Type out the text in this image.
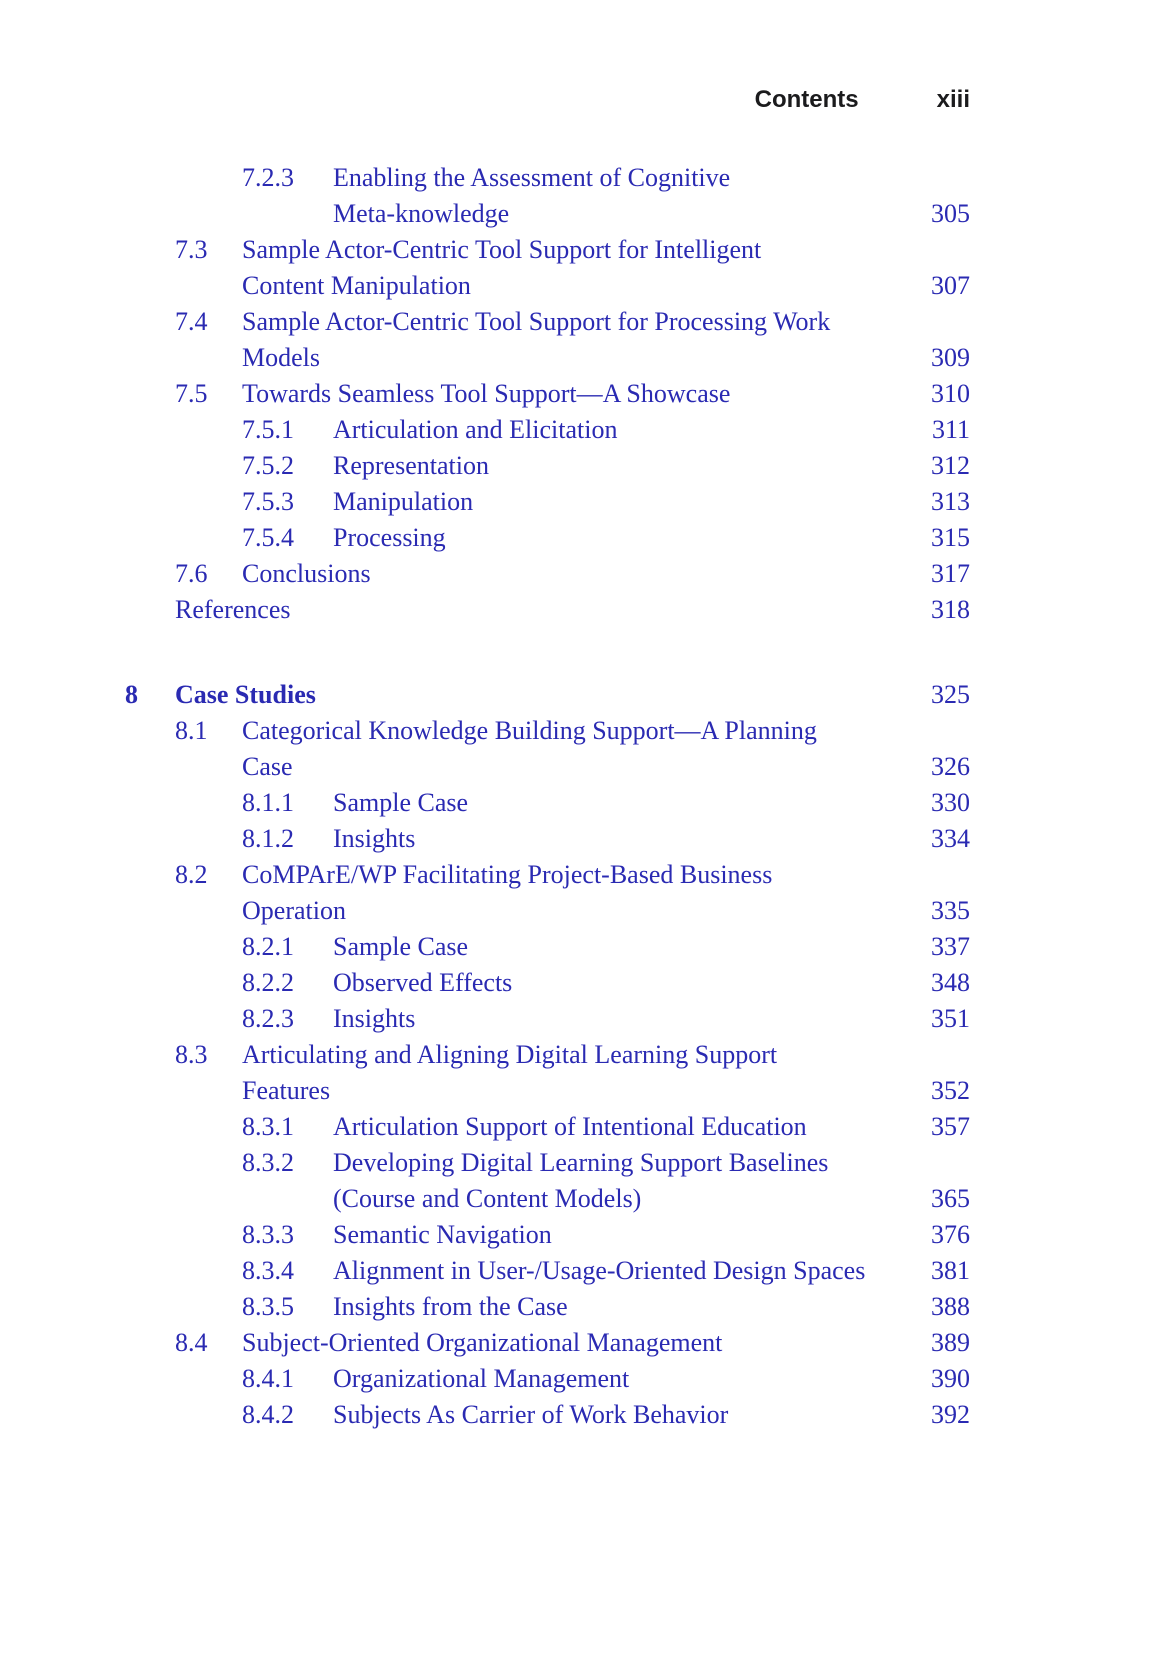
Contents	xiii
7.2.3	Enabling the Assessment of Cognitive
Meta-knowledge	305
7.3	Sample Actor-Centric Tool Support for Intelligent
Content Manipulation	307
7.4	Sample Actor-Centric Tool Support for Processing Work
Models	309
7.5	Towards Seamless Tool Support—A Showcase	310
7.5.1	Articulation and Elicitation	311
7.5.2	Representation	312
7.5.3	Manipulation	313
7.5.4	Processing	315
7.6	Conclusions	317
References	318
8	Case Studies	325
8.1	Categorical Knowledge Building Support—A Planning
Case	326
8.1.1	Sample Case	330
8.1.2	Insights	334
8.2	CoMPArE/WP Facilitating Project-Based Business
Operation	335
8.2.1	Sample Case	337
8.2.2	Observed Effects	348
8.2.3	Insights	351
8.3	Articulating and Aligning Digital Learning Support
Features	352
8.3.1	Articulation Support of Intentional Education	357
8.3.2	Developing Digital Learning Support Baselines
(Course and Content Models)	365
8.3.3	Semantic Navigation	376
8.3.4	Alignment in User-/Usage-Oriented Design Spaces	381
8.3.5	Insights from the Case	388
8.4	Subject-Oriented Organizational Management	389
8.4.1	Organizational Management	390
8.4.2	Subjects As Carrier of Work Behavior	392
